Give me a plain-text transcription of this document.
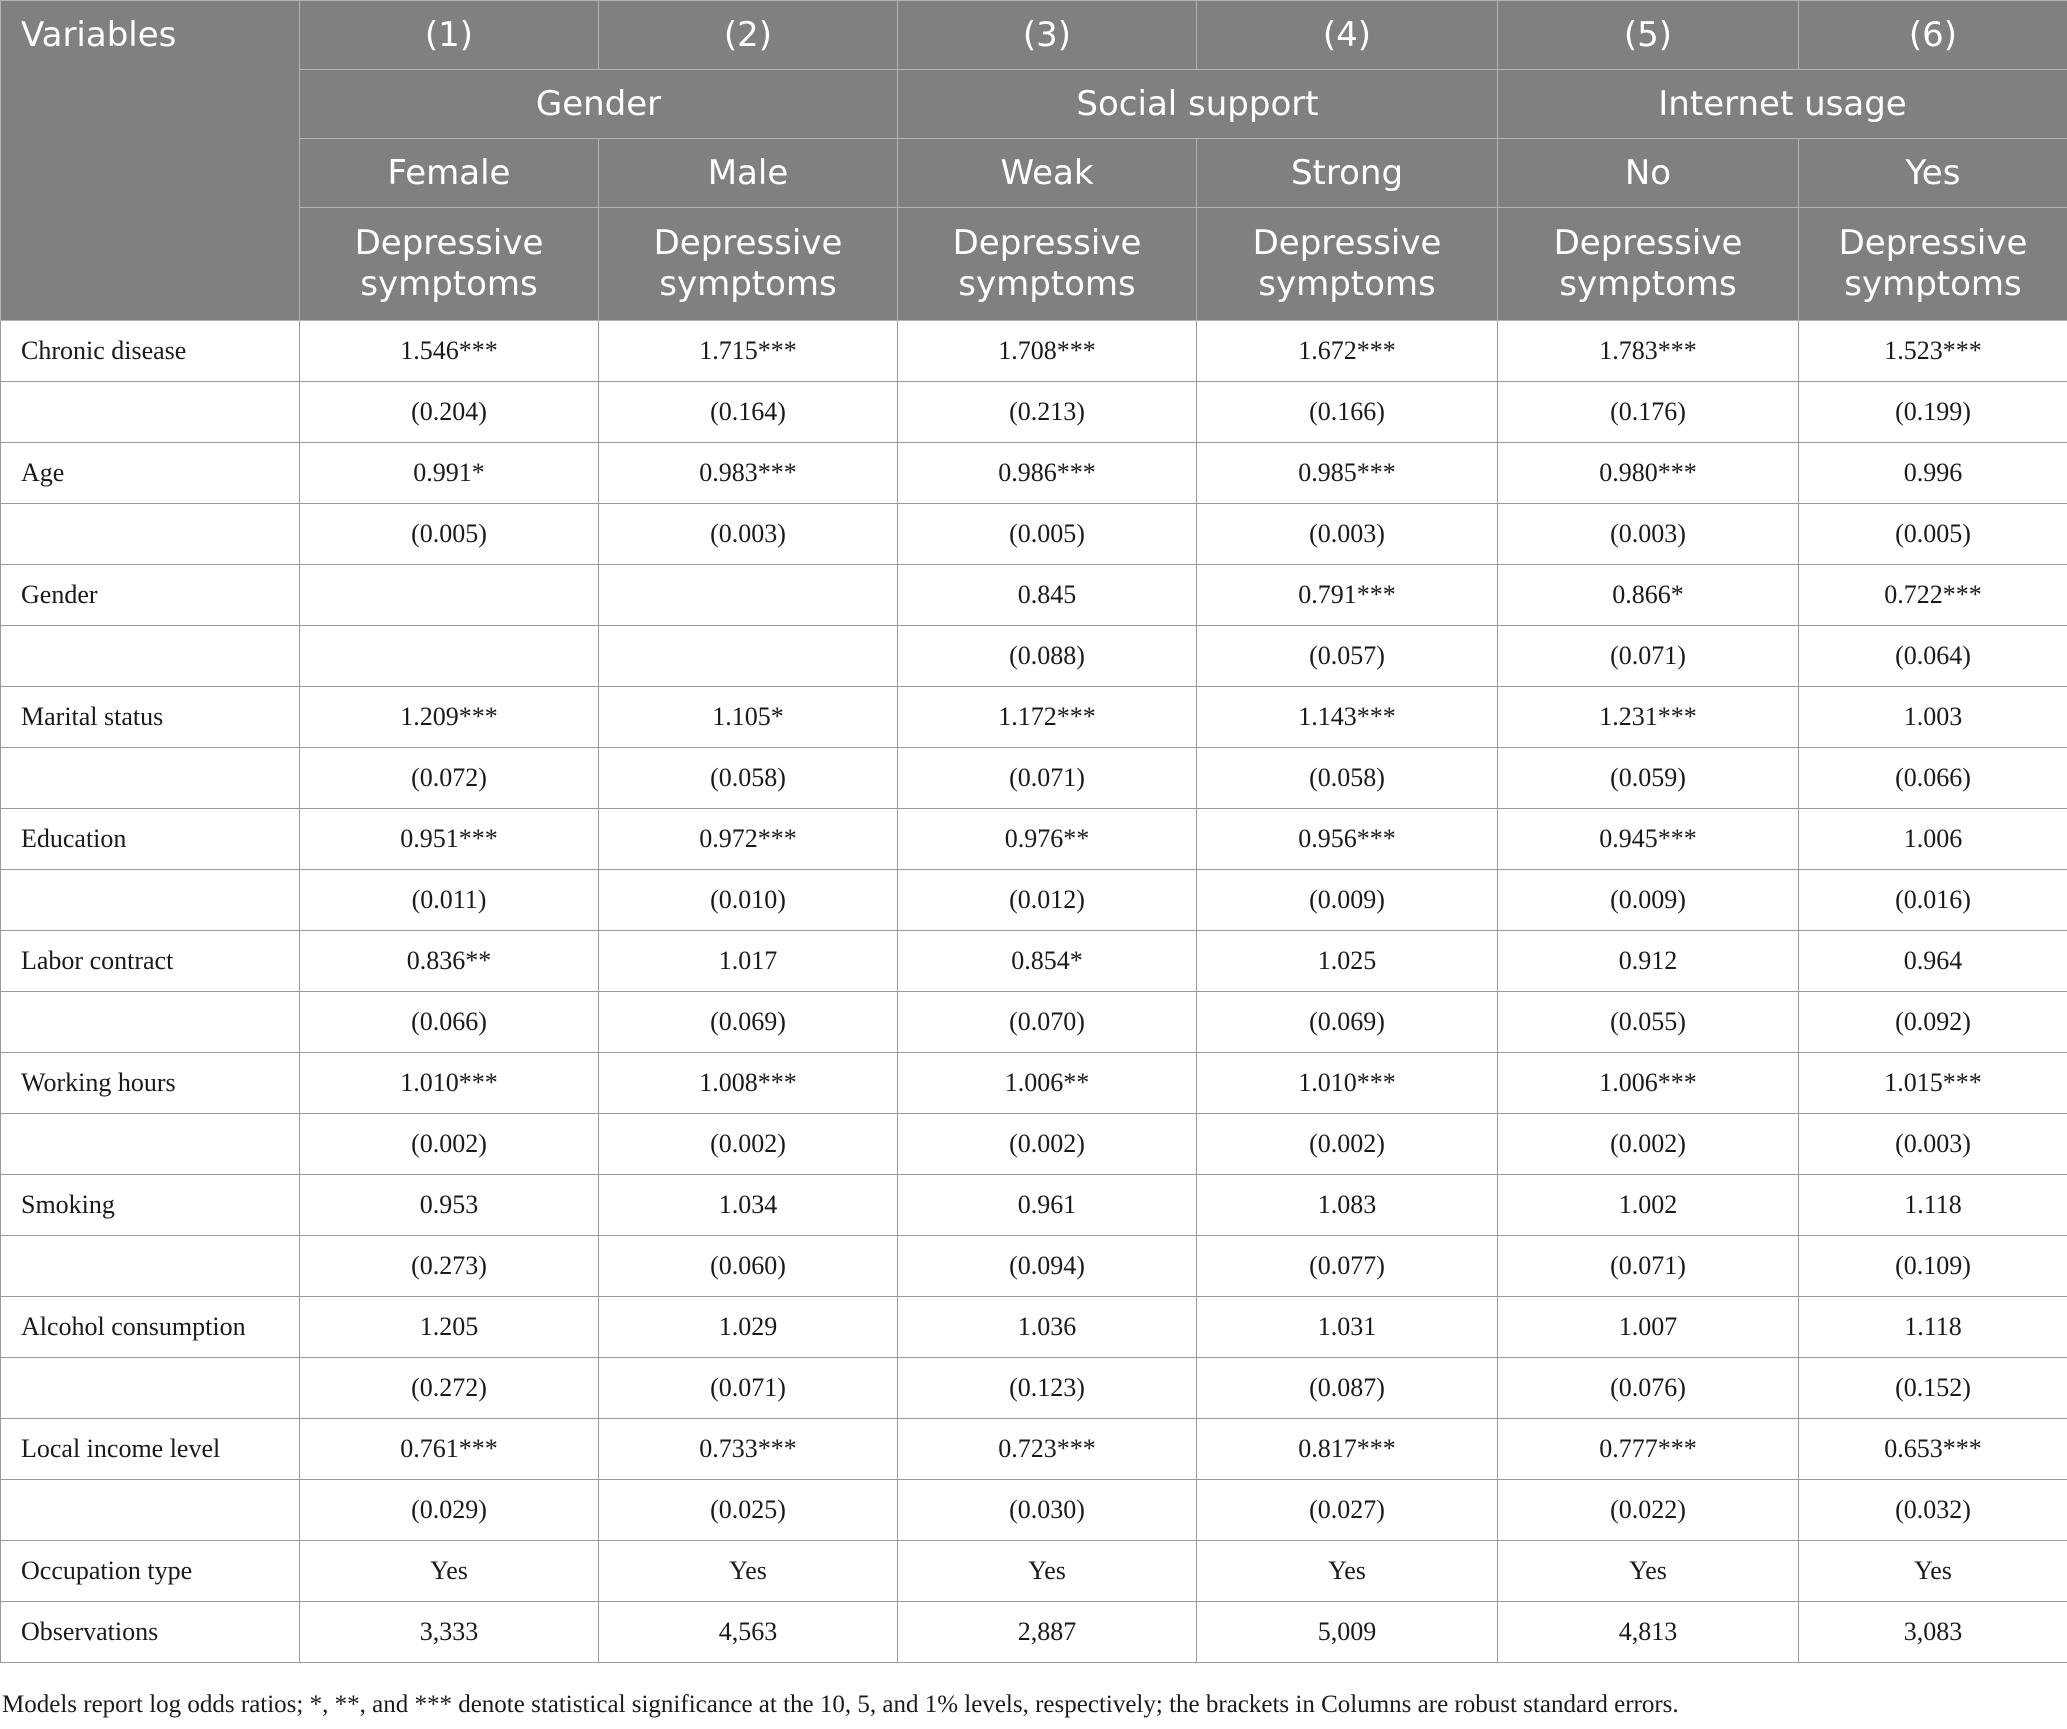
Variables	(1)	(2)	(3)	(4)	(5)	(6)
	Gender		Social support		Internet usage	
	Female	Male	Weak	Strong	No	Yes
	Depressive symptoms	Depressive symptoms	Depressive symptoms	Depressive symptoms	Depressive symptoms	Depressive symptoms
Chronic disease	1.546***	1.715***	1.708***	1.672***	1.783***	1.523***
	(0.204)	(0.164)	(0.213)	(0.166)	(0.176)	(0.199)
Age	0.991*	0.983***	0.986***	0.985***	0.980***	0.996
	(0.005)	(0.003)	(0.005)	(0.003)	(0.003)	(0.005)
Gender			0.845	0.791***	0.866*	0.722***
			(0.088)	(0.057)	(0.071)	(0.064)
Marital status	1.209***	1.105*	1.172***	1.143***	1.231***	1.003
	(0.072)	(0.058)	(0.071)	(0.058)	(0.059)	(0.066)
Education	0.951***	0.972***	0.976**	0.956***	0.945***	1.006
	(0.011)	(0.010)	(0.012)	(0.009)	(0.009)	(0.016)
Labor contract	0.836**	1.017	0.854*	1.025	0.912	0.964
	(0.066)	(0.069)	(0.070)	(0.069)	(0.055)	(0.092)
Working hours	1.010***	1.008***	1.006**	1.010***	1.006***	1.015***
	(0.002)	(0.002)	(0.002)	(0.002)	(0.002)	(0.003)
Smoking	0.953	1.034	0.961	1.083	1.002	1.118
	(0.273)	(0.060)	(0.094)	(0.077)	(0.071)	(0.109)
Alcohol consumption	1.205	1.029	1.036	1.031	1.007	1.118
	(0.272)	(0.071)	(0.123)	(0.087)	(0.076)	(0.152)
Local income level	0.761***	0.733***	0.723***	0.817***	0.777***	0.653***
	(0.029)	(0.025)	(0.030)	(0.027)	(0.022)	(0.032)
Occupation type	Yes	Yes	Yes	Yes	Yes	Yes
Observations	3,333	4,563	2,887	5,009	4,813	3,083
Models report log odds ratios; *, **, and *** denote statistical significance at the 10, 5, and 1% levels, respectively; the brackets in Columns are robust standard errors.
